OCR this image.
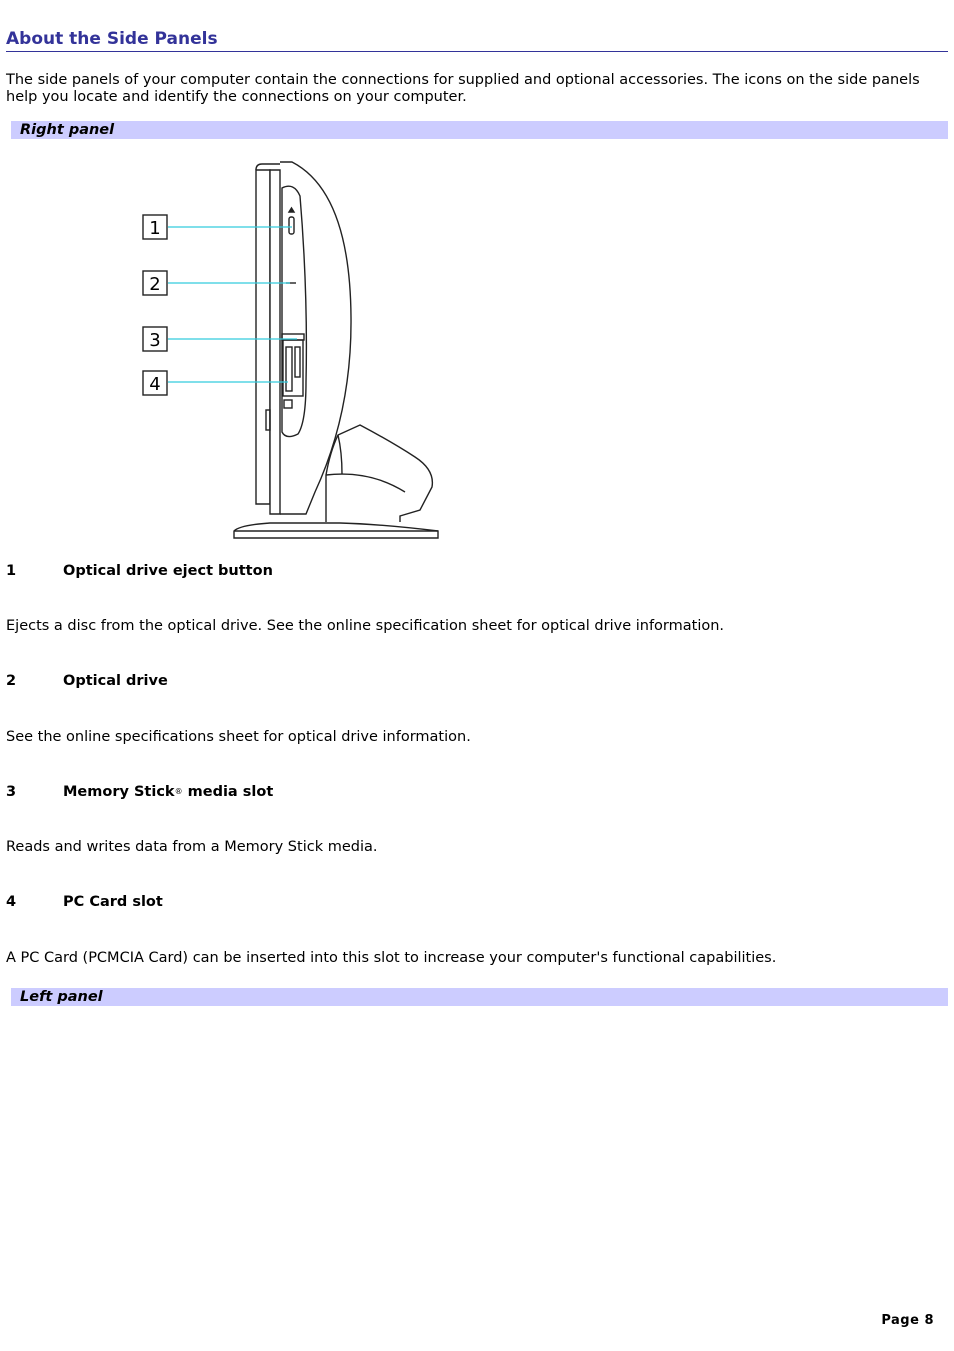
About the Side Panels

The side panels of your computer contain the connections for supplied and optional accessories. The icons on the side panels help you locate and identify the connections on your computer.

Right panel
1
2
3
4
1	Optical drive eject button
Ejects a disc from the optical drive. See the online specification sheet for optical drive information.
2	Optical drive
See the online specifications sheet for optical drive information.
3	Memory Stick® media slot
Reads and writes data from a Memory Stick media.
4	PC Card slot
A PC Card (PCMCIA Card) can be inserted into this slot to increase your computer's functional capabilities.
Left panel
Page 8
